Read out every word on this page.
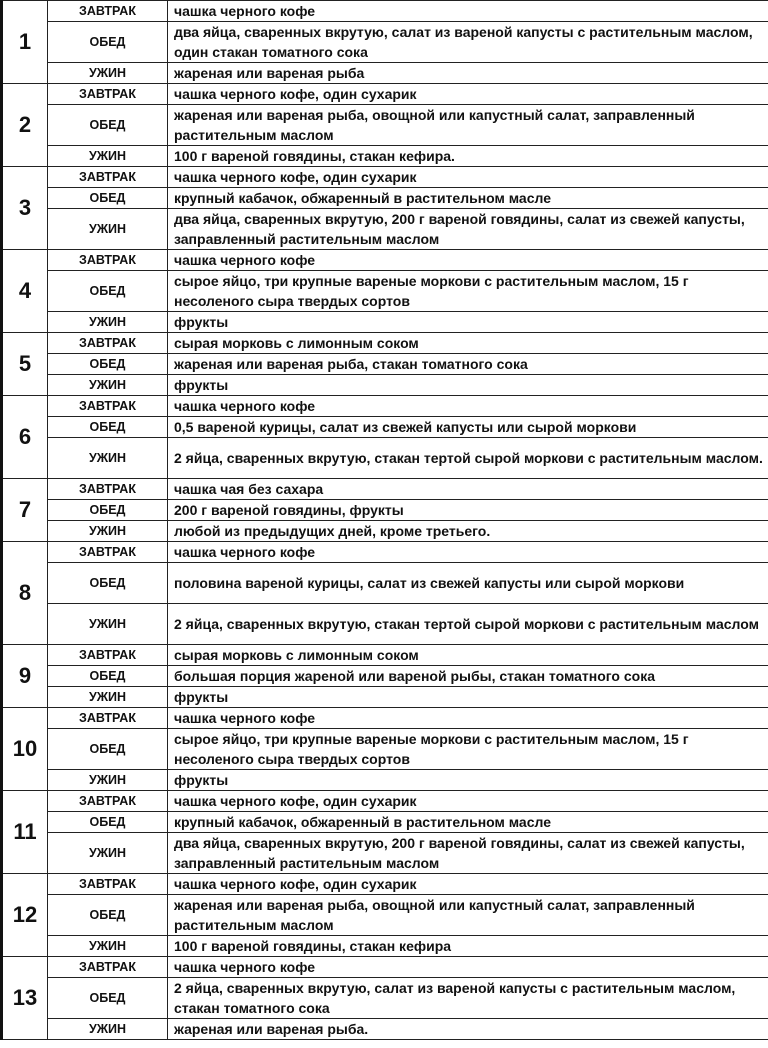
1	ЗАВТРАК	чашка черного кофе
	ОБЕД	два яйца, сваренных вкрутую, салат из вареной капусты с растительным маслом, один стакан томатного сока
	УЖИН	жареная или вареная рыба
2	ЗАВТРАК	чашка черного кофе, один сухарик
	ОБЕД	жареная или вареная рыба, овощной или капустный салат, заправленный растительным маслом
	УЖИН	100 г вареной говядины, стакан кефира.
3	ЗАВТРАК	чашка черного кофе, один сухарик
	ОБЕД	крупный кабачок, обжаренный в растительном масле
	УЖИН	два яйца, сваренных вкрутую, 200 г вареной говядины, салат из свежей капусты, заправленный растительным маслом
4	ЗАВТРАК	чашка черного кофе
	ОБЕД	сырое яйцо, три крупные вареные моркови с растительным маслом, 15 г несоленого сыра твердых сортов
	УЖИН	фрукты
5	ЗАВТРАК	сырая морковь с лимонным соком
	ОБЕД	жареная или вареная рыба, стакан томатного сока
	УЖИН	фрукты
6	ЗАВТРАК	чашка черного кофе
	ОБЕД	0,5 вареной курицы, салат из свежей капусты или сырой моркови
	УЖИН	2 яйца, сваренных вкрутую, стакан тертой сырой моркови с растительным маслом.
7	ЗАВТРАК	чашка чая без сахара
	ОБЕД	200 г вареной говядины, фрукты
	УЖИН	любой из предыдущих дней, кроме третьего.
8	ЗАВТРАК	чашка черного кофе
	ОБЕД	половина вареной курицы, салат из свежей капусты или сырой моркови
	УЖИН	2 яйца, сваренных вкрутую, стакан тертой сырой моркови с растительным маслом
9	ЗАВТРАК	сырая морковь с лимонным соком
	ОБЕД	большая порция жареной или вареной рыбы, стакан томатного сока
	УЖИН	фрукты
10	ЗАВТРАК	чашка черного кофе
	ОБЕД	сырое яйцо, три крупные вареные моркови с растительным маслом, 15 г несоленого сыра твердых сортов
	УЖИН	фрукты
11	ЗАВТРАК	чашка черного кофе, один сухарик
	ОБЕД	крупный кабачок, обжаренный в растительном масле
	УЖИН	два яйца, сваренных вкрутую, 200 г вареной говядины, салат из свежей капусты, заправленный растительным маслом
12	ЗАВТРАК	чашка черного кофе, один сухарик
	ОБЕД	жареная или вареная рыба, овощной или капустный салат, заправленный растительным маслом
	УЖИН	100 г вареной говядины, стакан кефира
13	ЗАВТРАК	чашка черного кофе
	ОБЕД	2 яйца, сваренных вкрутую, салат из вареной капусты с растительным маслом, стакан томатного сока
	УЖИН	жареная или вареная рыба.
